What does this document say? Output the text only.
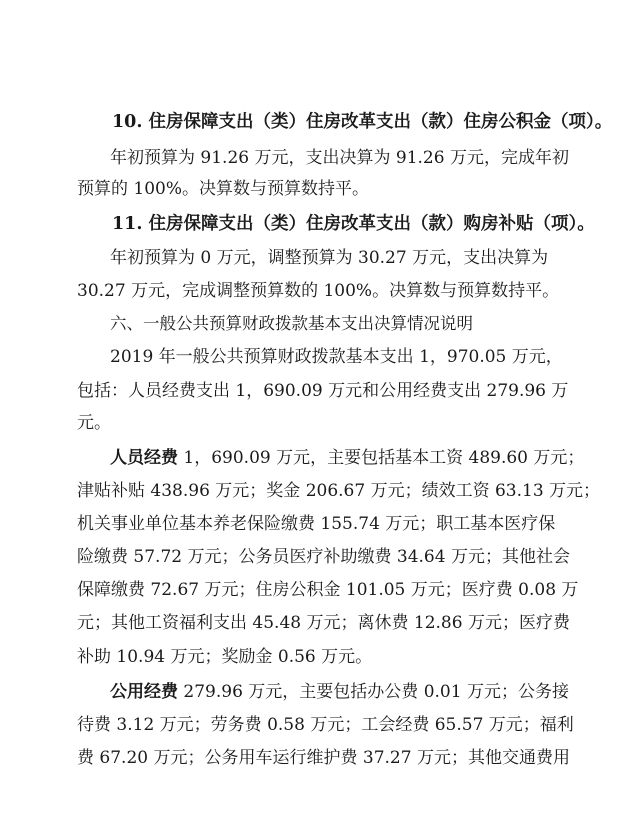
10. 住房保障支出（类）住房改革支出（款）住房公积金（项）。
年初预算为 91.26 万元，支出决算为 91.26 万元，完成年初
预算的 100%。决算数与预算数持平。
11. 住房保障支出（类）住房改革支出（款）购房补贴（项）。
年初预算为 0 万元，调整预算为 30.27 万元，支出决算为
30.27 万元，完成调整预算数的 100%。决算数与预算数持平。
六、一般公共预算财政拨款基本支出决算情况说明
2019 年一般公共预算财政拨款基本支出 1，970.05 万元，
包括：人员经费支出 1，690.09 万元和公用经费支出 279.96 万
元。
人员经费 1，690.09 万元，主要包括基本工资 489.60 万元；
津贴补贴 438.96 万元；奖金 206.67 万元；绩效工资 63.13 万元；
机关事业单位基本养老保险缴费 155.74 万元；职工基本医疗保
险缴费 57.72 万元；公务员医疗补助缴费 34.64 万元；其他社会
保障缴费 72.67 万元；住房公积金 101.05 万元；医疗费 0.08 万
元；其他工资福利支出 45.48 万元；离休费 12.86 万元；医疗费
补助 10.94 万元；奖励金 0.56 万元。
公用经费 279.96 万元，主要包括办公费 0.01 万元；公务接
待费 3.12 万元；劳务费 0.58 万元；工会经费 65.57 万元；福利
费 67.20 万元；公务用车运行维护费 37.27 万元；其他交通费用
